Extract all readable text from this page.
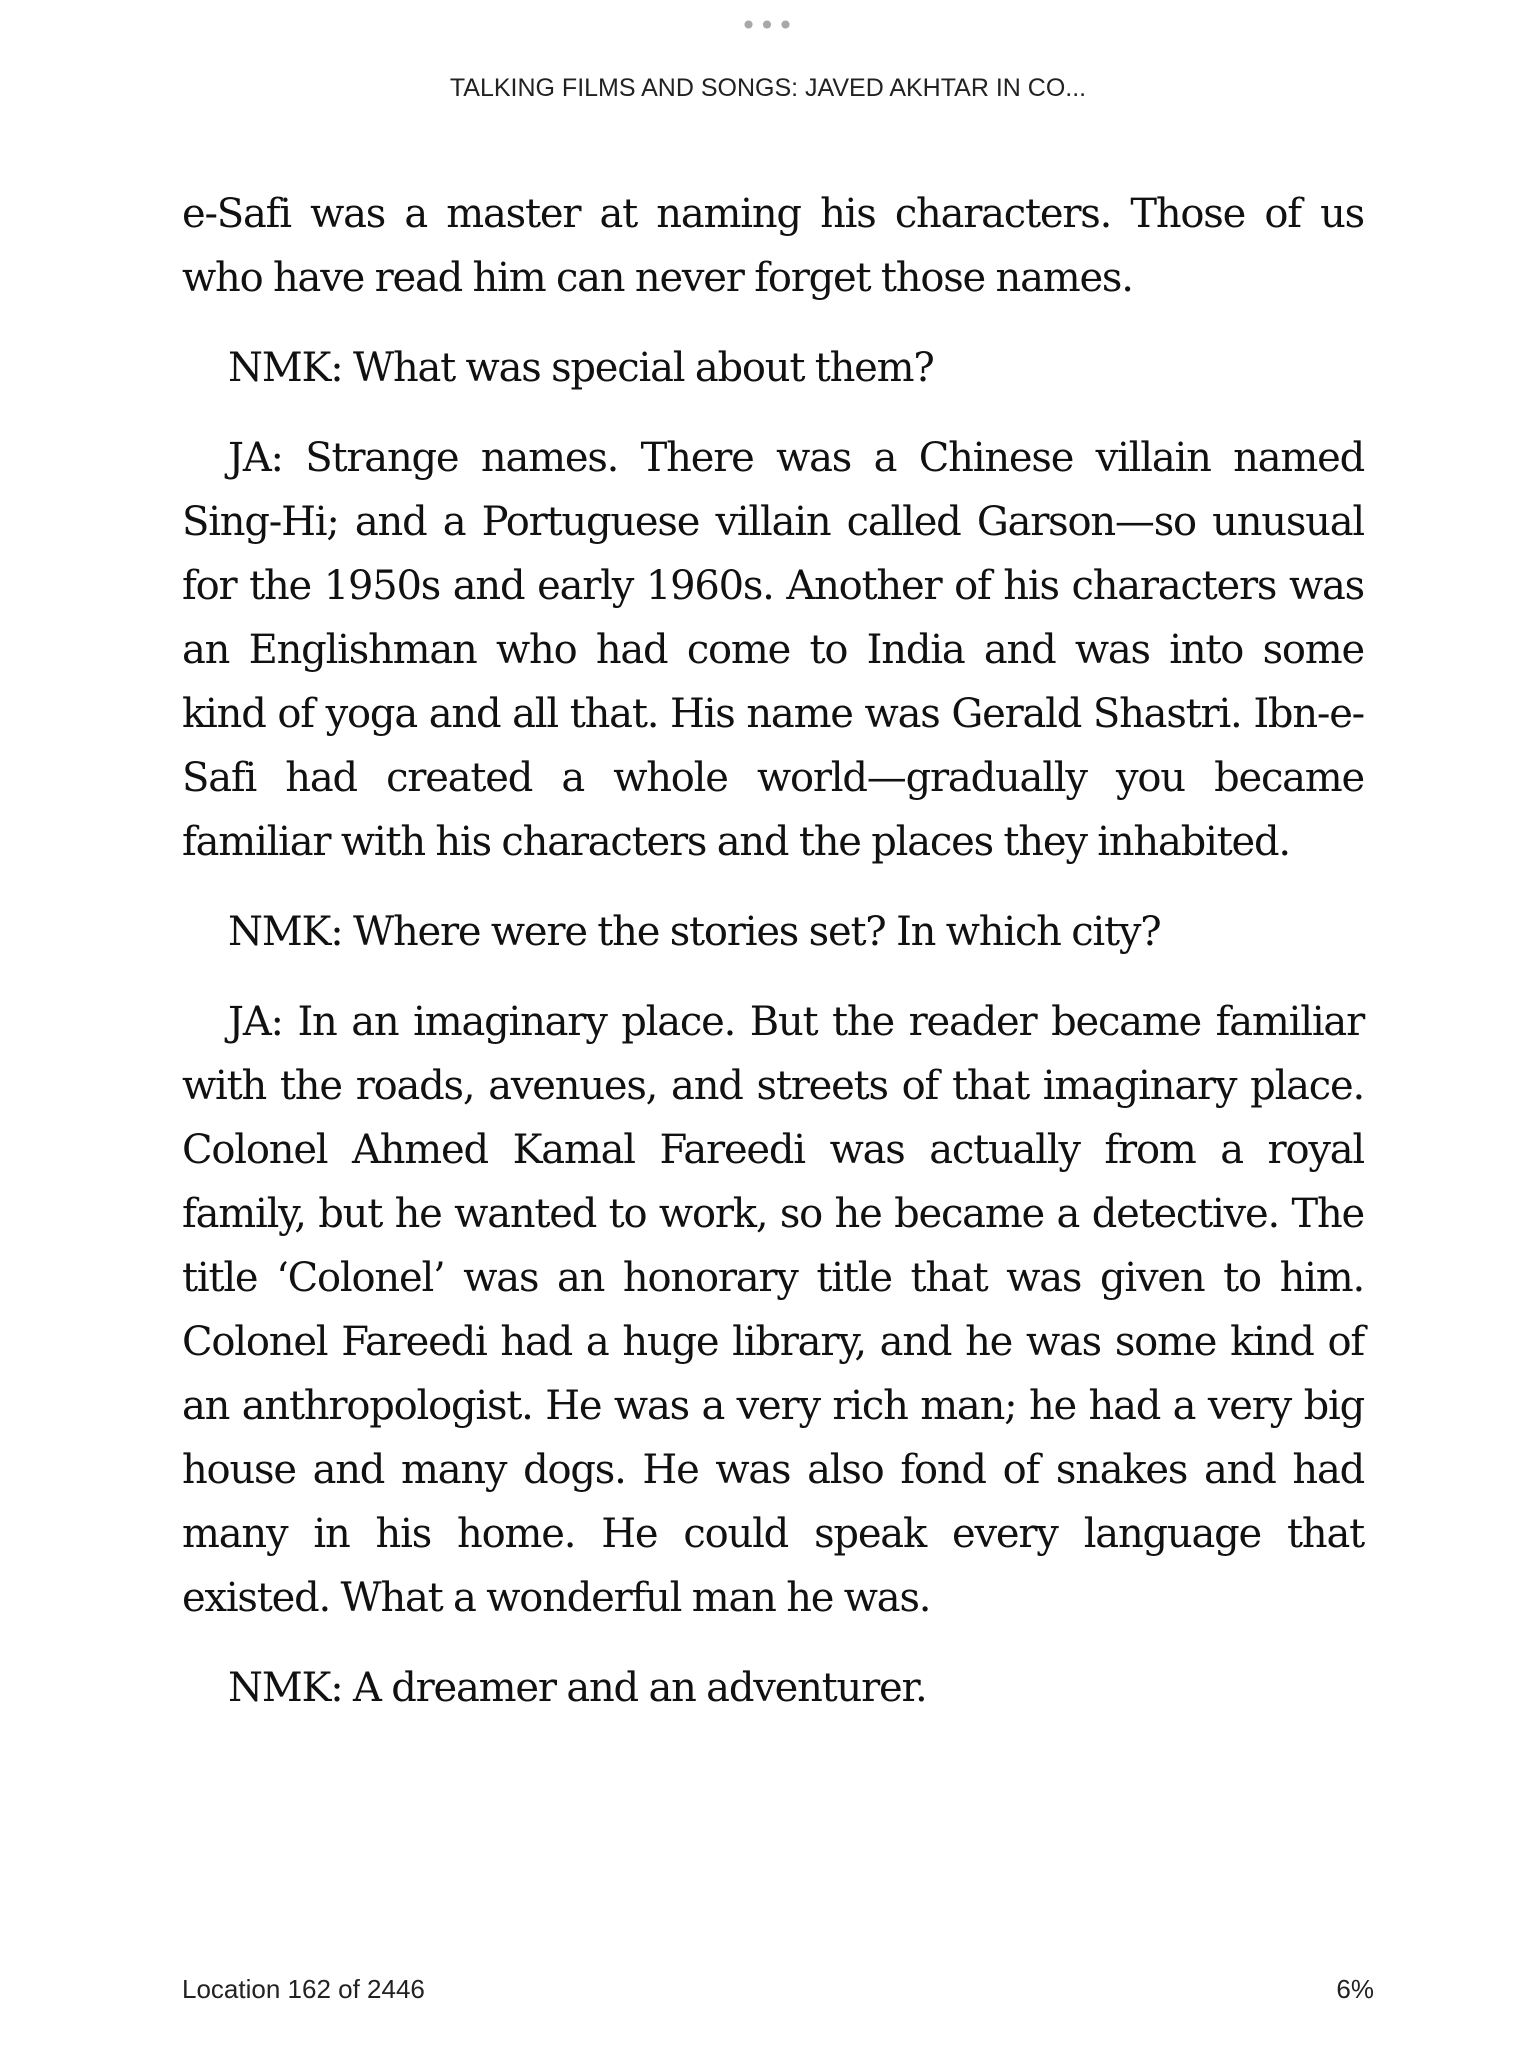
•••
TALKING FILMS AND SONGS: JAVED AKHTAR IN CO...

e-Safi was a master at naming his characters. Those of us who have read him can never forget those names.

NMK: What was special about them?

JA: Strange names. There was a Chinese villain named Sing-Hi; and a Portuguese villain called Garson—so unusual for the 1950s and early 1960s. Another of his characters was an Englishman who had come to India and was into some kind of yoga and all that. His name was Gerald Shastri. Ibn-e-Safi had created a whole world—gradually you became familiar with his characters and the places they inhabited.

NMK: Where were the stories set? In which city?

JA: In an imaginary place. But the reader became familiar with the roads, avenues, and streets of that imaginary place. Colonel Ahmed Kamal Fareedi was actually from a royal family, but he wanted to work, so he became a detective. The title ‘Colonel’ was an honorary title that was given to him. Colonel Fareedi had a huge library, and he was some kind of an anthropologist. He was a very rich man; he had a very big house and many dogs. He was also fond of snakes and had many in his home. He could speak every language that existed. What a wonderful man he was.

NMK: A dreamer and an adventurer.

Location 162 of 2446	6%
